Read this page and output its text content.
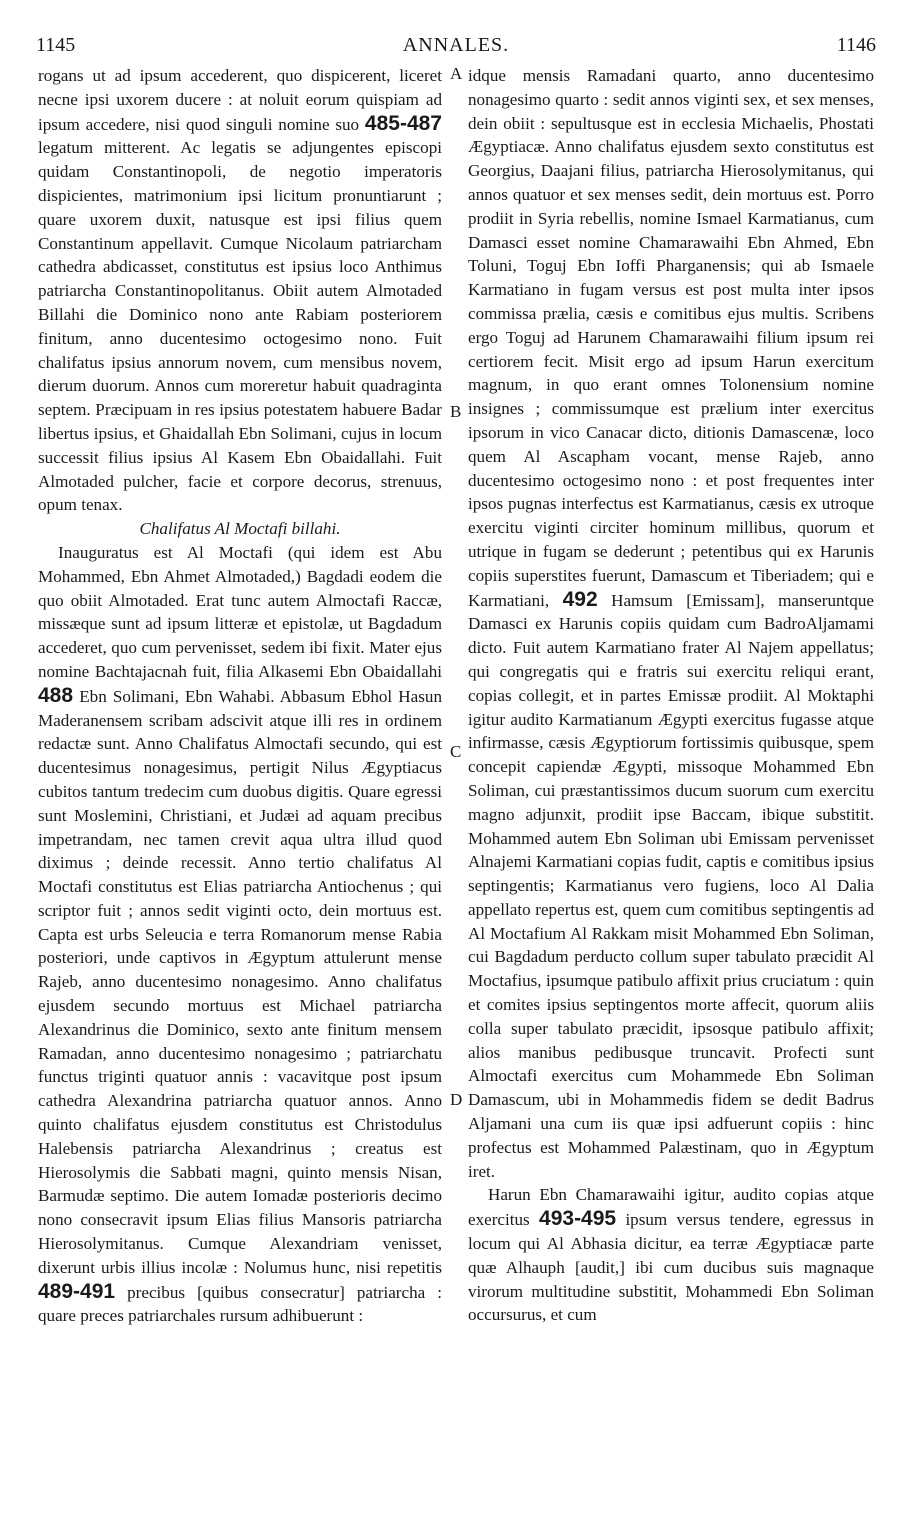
1145	ANNALES.	1146
A
B
C
D

rogans ut ad ipsum accederent, quo dispicerent, liceret necne ipsi uxorem ducere : at noluit eorum quispiam ad ipsum accedere, nisi quod singuli nomine suo 485-487 legatum mitterent. Ac legatis se adjungentes episcopi quidam Constantinopoli, de negotio imperatoris dispicientes, matrimonium ipsi licitum pronuntiarunt ; quare uxorem duxit, natusque est ipsi filius quem Constantinum appellavit. Cumque Nicolaum patriarcham cathedra abdicasset, constitutus est ipsius loco Anthimus patriarcha Constantinopolitanus. Obiit autem Almotaded Billahi die Dominico nono ante Rabiam posteriorem finitum, anno ducentesimo octogesimo nono. Fuit chalifatus ipsius annorum novem, cum mensibus novem, dierum duorum. Annos cum moreretur habuit quadraginta septem. Præcipuam in res ipsius potestatem habuere Badar libertus ipsius, et Ghaidallah Ebn Solimani, cujus in locum successit filius ipsius Al Kasem Ebn Obaidallahi. Fuit Almotaded pulcher, facie et corpore decorus, strenuus, opum tenax.

Chalifatus Al Moctafi billahi.

Inauguratus est Al Moctafi (qui idem est Abu Mohammed, Ebn Ahmet Almotaded,) Bagdadi eodem die quo obiit Almotaded. Erat tunc autem Almoctafi Raccæ, missæque sunt ad ipsum litteræ et epistolæ, ut Bagdadum accederet, quo cum pervenisset, sedem ibi fixit. Mater ejus nomine Bachtajacnah fuit, filia Alkasemi Ebn Obaidallahi 488 Ebn Solimani, Ebn Wahabi. Abbasum Ebhol Hasun Maderanensem scribam adscivit atque illi res in ordinem redactæ sunt. Anno Chalifatus Almoctafi secundo, qui est ducentesimus nonagesimus, pertigit Nilus Ægyptiacus cubitos tantum tredecim cum duobus digitis. Quare egressi sunt Moslemini, Christiani, et Judæi ad aquam precibus impetrandam, nec tamen crevit aqua ultra illud quod diximus ; deinde recessit. Anno tertio chalifatus Al Moctafi constitutus est Elias patriarcha Antiochenus ; qui scriptor fuit ; annos sedit viginti octo, dein mortuus est. Capta est urbs Seleucia e terra Romanorum mense Rabia posteriori, unde captivos in Ægyptum attulerunt mense Rajeb, anno ducentesimo nonagesimo. Anno chalifatus ejusdem secundo mortuus est Michael patriarcha Alexandrinus die Dominico, sexto ante finitum mensem Ramadan, anno ducentesimo nonagesimo ; patriarchatu functus triginti quatuor annis : vacavitque post ipsum cathedra Alexandrina patriarcha quatuor annos. Anno quinto chalifatus ejusdem constitutus est Christodulus Halebensis patriarcha Alexandrinus ; creatus est Hierosolymis die Sabbati magni, quinto mensis Nisan, Barmudæ septimo. Die autem Iomadæ posterioris decimo nono consecravit ipsum Elias filius Mansoris patriarcha Hierosolymitanus. Cumque Alexandriam venisset, dixerunt urbis illius incolæ : Nolumus hunc, nisi repetitis 489-491 precibus [quibus consecratur] patriarcha : quare preces patriarchales rursum adhibuerunt :

idque mensis Ramadani quarto, anno ducentesimo nonagesimo quarto : sedit annos viginti sex, et sex menses, dein obiit : sepultusque est in ecclesia Michaelis, Phostati Ægyptiacæ. Anno chalifatus ejusdem sexto constitutus est Georgius, Daajani filius, patriarcha Hierosolymitanus, qui annos quatuor et sex menses sedit, dein mortuus est. Porro prodiit in Syria rebellis, nomine Ismael Karmatianus, cum Damasci esset nomine Chamarawaihi Ebn Ahmed, Ebn Toluni, Toguj Ebn Ioffi Pharganensis; qui ab Ismaele Karmatiano in fugam versus est post multa inter ipsos commissa prælia, cæsis e comitibus ejus multis. Scribens ergo Toguj ad Harunem Chamarawaihi filium ipsum rei certiorem fecit. Misit ergo ad ipsum Harun exercitum magnum, in quo erant omnes Tolonensium nomine insignes ; commissumque est prælium inter exercitus ipsorum in vico Canacar dicto, ditionis Damascenæ, loco quem Al Ascapham vocant, mense Rajeb, anno ducentesimo octogesimo nono : et post frequentes inter ipsos pugnas interfectus est Karmatianus, cæsis ex utroque exercitu viginti circiter hominum millibus, quorum et utrique in fugam se dederunt ; petentibus qui ex Harunis copiis superstites fuerunt, Damascum et Tiberiadem; qui e Karmatiani, 492 Hamsum [Emissam], manseruntque Damasci ex Harunis copiis quidam cum BadroAljamami dicto. Fuit autem Karmatiano frater Al Najem appellatus; qui congregatis qui e fratris sui exercitu reliqui erant, copias collegit, et in partes Emissæ prodiit. Al Moktaphi igitur audito Karmatianum Ægypti exercitus fugasse atque infirmasse, cæsis Ægyptiorum fortissimis quibusque, spem concepit capiendæ Ægypti, missoque Mohammed Ebn Soliman, cui præstantissimos ducum suorum cum exercitu magno adjunxit, prodiit ipse Baccam, ibique substitit. Mohammed autem Ebn Soliman ubi Emissam pervenisset Alnajemi Karmatiani copias fudit, captis e comitibus ipsius septingentis; Karmatianus vero fugiens, loco Al Dalia appellato repertus est, quem cum comitibus septingentis ad Al Moctafium Al Rakkam misit Mohammed Ebn Soliman, cui Bagdadum perducto collum super tabulato præcidit Al Moctafius, ipsumque patibulo affixit prius cruciatum : quin et comites ipsius septingentos morte affecit, quorum aliis colla super tabulato præcidit, ipsosque patibulo affixit; alios manibus pedibusque truncavit. Profecti sunt Almoctafi exercitus cum Mohammede Ebn Soliman Damascum, ubi in Mohammedis fidem se dedit Badrus Aljamani una cum iis quæ ipsi adfuerunt copiis : hinc profectus est Mohammed Palæstinam, quo in Ægyptum iret.

Harun Ebn Chamarawaihi igitur, audito copias atque exercitus 493-495 ipsum versus tendere, egressus in locum qui Al Abhasia dicitur, ea terræ Ægyptiacæ parte quæ Alhauph [audit,] ibi cum ducibus suis magnaque virorum multitudine substitit, Mohammedi Ebn Soliman occursurus, et cum
